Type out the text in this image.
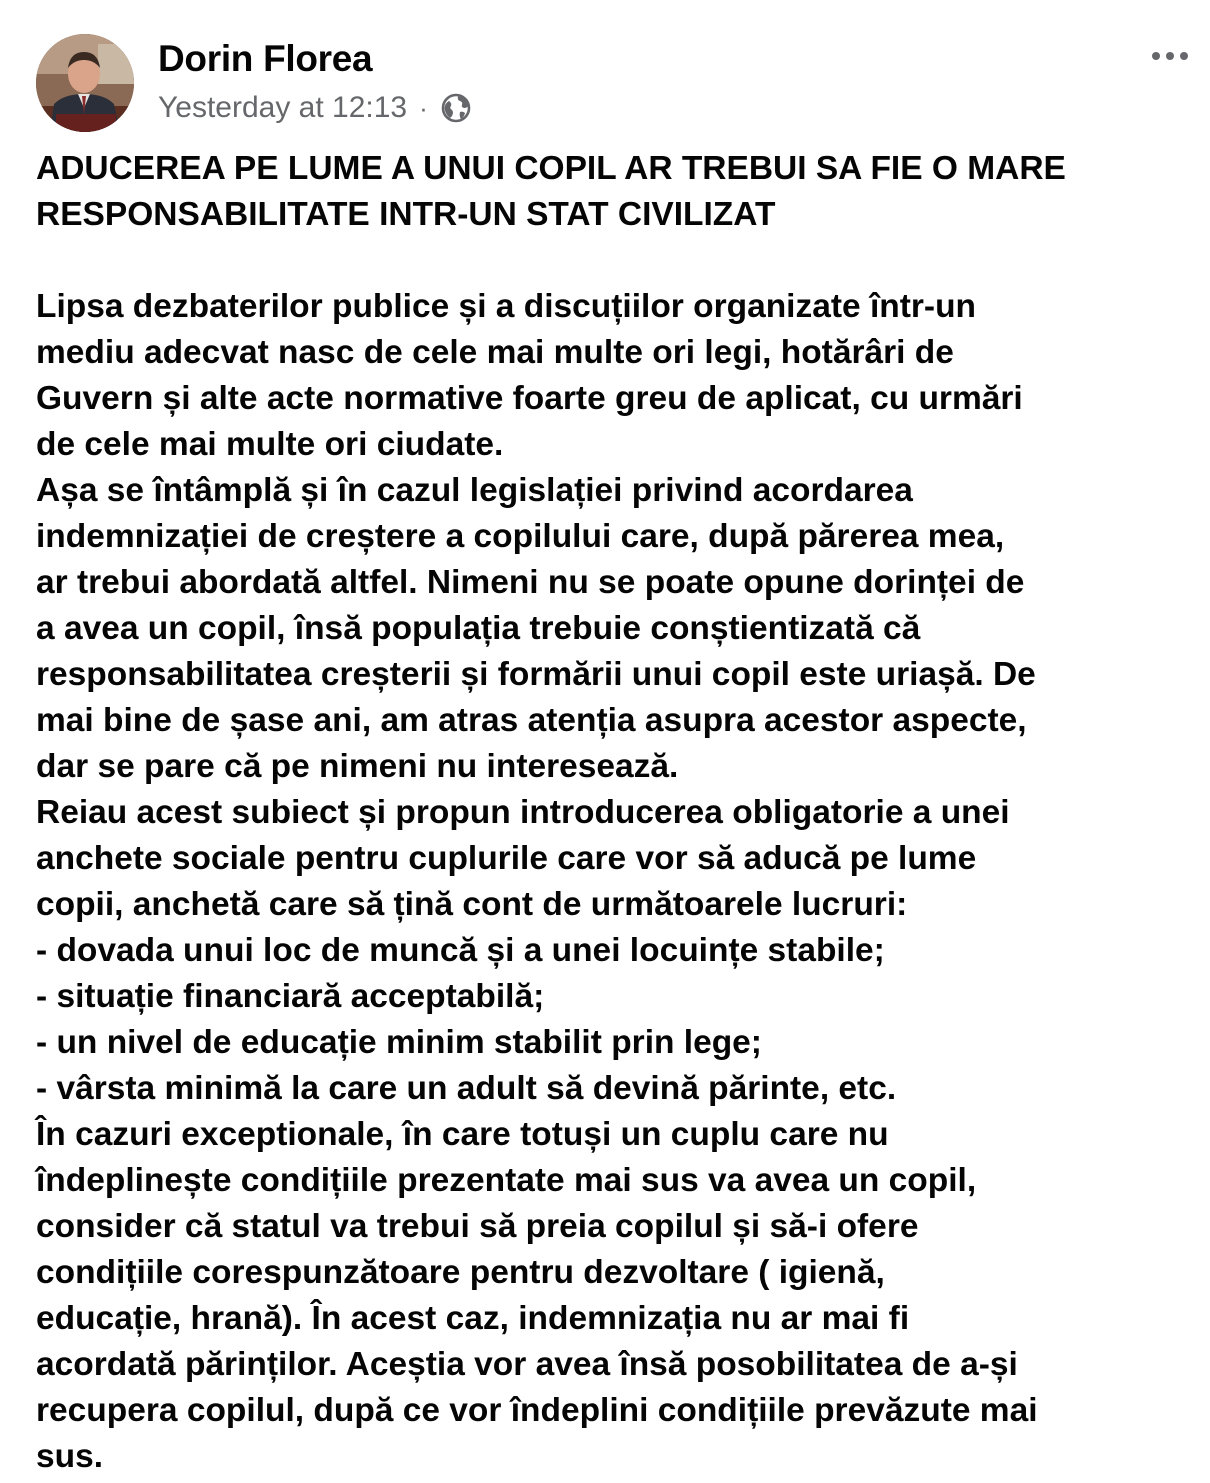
Dorin Florea
Yesterday at 12:13 ·
ADUCEREA PE LUME A UNUI COPIL AR TREBUI SA FIE O MARE
RESPONSABILITATE INTR-UN STAT CIVILIZAT
Lipsa dezbaterilor publice și a discuțiilor organizate într-un
mediu adecvat nasc de cele mai multe ori legi, hotărâri de
Guvern și alte acte normative foarte greu de aplicat, cu urmări
de cele mai multe ori ciudate.
Așa se întâmplă și în cazul legislației privind acordarea
indemnizației de creștere a copilului care, după părerea mea,
ar trebui abordată altfel. Nimeni nu se poate opune dorinței de
a avea un copil, însă populația trebuie conștientizată că
responsabilitatea creșterii și formării unui copil este uriașă. De
mai bine de șase ani, am atras atenția asupra acestor aspecte,
dar se pare că pe nimeni nu interesează.
Reiau acest subiect și propun introducerea obligatorie a unei
anchete sociale pentru cuplurile care vor să aducă pe lume
copii, anchetă care să țină cont de următoarele lucruri:
- dovada unui loc de muncă și a unei locuințe stabile;
- situație financiară acceptabilă;
- un nivel de educație minim stabilit prin lege;
- vârsta minimă la care un adult să devină părinte, etc.
În cazuri exceptionale, în care totuși un cuplu care nu
îndeplinește condițiile prezentate mai sus va avea un copil,
consider că statul va trebui să preia copilul și să-i ofere
condițiile corespunzătoare pentru dezvoltare ( igienă,
educație, hrană). În acest caz, indemnizația nu ar mai fi
acordată părinților. Aceștia vor avea însă posobilitatea de a-și
recupera copilul, după ce vor îndeplini condițiile prevăzute mai
sus.
